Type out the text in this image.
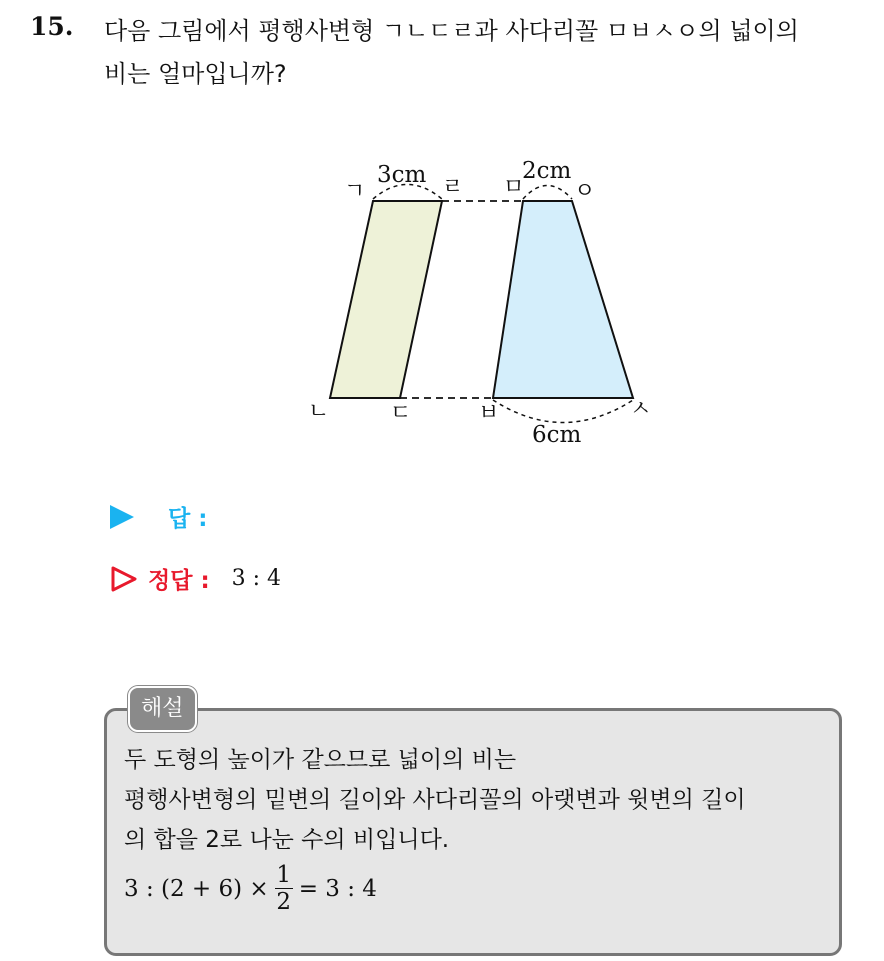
15. 다음 그림에서 평행사변형 ㄱㄴㄷㄹ과 사다리꼴 ㅁㅂㅅㅇ의 넓이의
비는 얼마입니까?
3cm	2cm
6cm
ㄱ	ㄹ
ㄴ	ㄷ
ㅁ ㅇ
ㅂ	ㅅ
답 :
정답 : 3 : 4
해설
두 도형의 높이가 같으므로 넓이의 비는
평행사변형의 밑변의 길이와 사다리꼴의 아랫변과 윗변의 길이
의 합을 2로 나눈 수의 비입니다.
3 : $(2 + 6) \times \frac{1}{2} = 3$ : 4
